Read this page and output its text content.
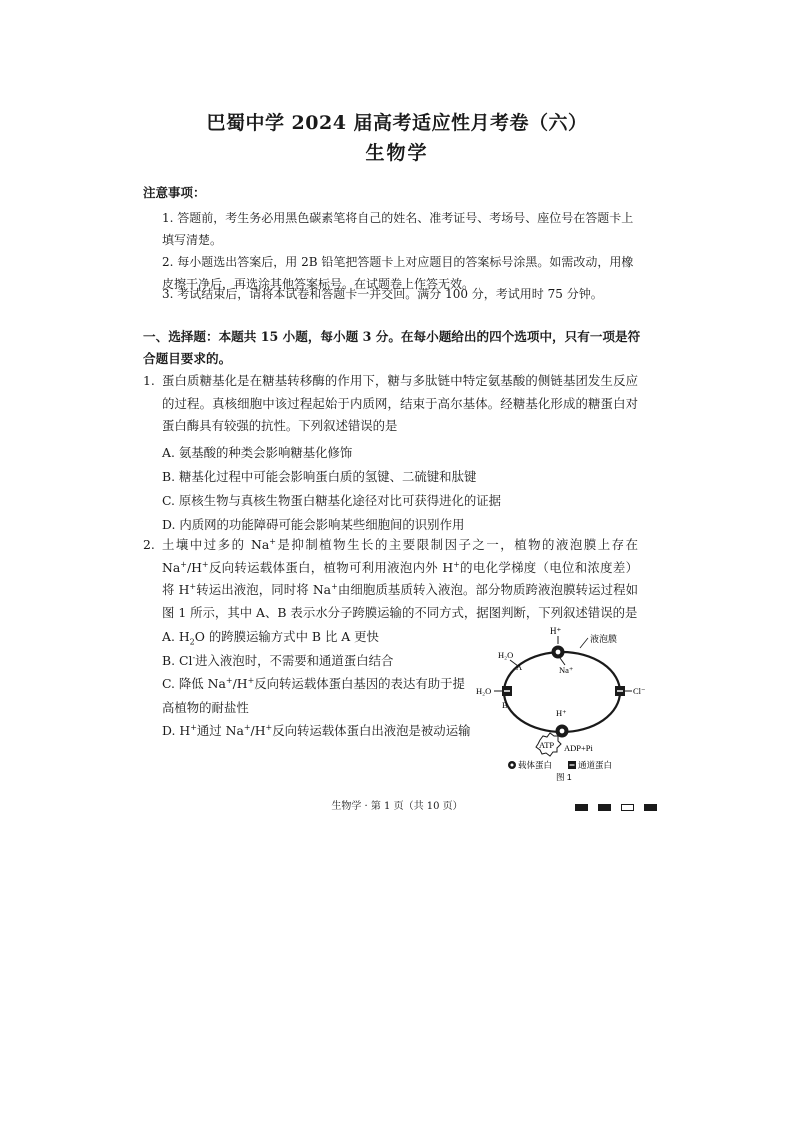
巴蜀中学 2024 届高考适应性月考卷（六）
生物学
注意事项：
1. 答题前，考生务必用黑色碳素笔将自己的姓名、准考证号、考场号、座位号在答题卡上填写清楚。
2. 每小题选出答案后，用 2B 铅笔把答题卡上对应题目的答案标号涂黑。如需改动，用橡皮擦干净后，再选涂其他答案标号。在试题卷上作答无效。
3. 考试结束后，请将本试卷和答题卡一并交回。满分 100 分，考试用时 75 分钟。
一、选择题：本题共 15 小题，每小题 3 分。在每小题给出的四个选项中，只有一项是符合题目要求的。
1. 蛋白质糖基化是在糖基转移酶的作用下，糖与多肽链中特定氨基酸的侧链基团发生反应的过程。真核细胞中该过程起始于内质网，结束于高尔基体。经糖基化形成的糖蛋白对蛋白酶具有较强的抗性。下列叙述错误的是
A. 氨基酸的种类会影响糖基化修饰
B. 糖基化过程中可能会影响蛋白质的氢键、二硫键和肽键
C. 原核生物与真核生物蛋白糖基化途径对比可获得进化的证据
D. 内质网的功能障碍可能会影响某些细胞间的识别作用
2. 土壤中过多的 Na+是抑制植物生长的主要限制因子之一，植物的液泡膜上存在 Na+/H+反向转运载体蛋白，植物可利用液泡内外 H+的电化学梯度（电位和浓度差）将 H+转运出液泡，同时将 Na+由细胞质基质转入液泡。部分物质跨液泡膜转运过程如图 1 所示，其中 A、B 表示水分子跨膜运输的不同方式，据图判断，下列叙述错误的是
A. $H_2O$ 的跨膜运输方式中 B 比 A 更快
B. Cl-进入液泡时，不需要和通道蛋白结合
C. 降低 Na+/H+反向转运载体蛋白基因的表达有助于提高植物的耐盐性
D. H+通过 Na+/H+反向转运载体蛋白出液泡是被动运输
H⁺
Na⁺
液泡膜
H₂O
A
H₂O
B
Cl⁻
H⁺
ATP ADP+Pi
载体蛋白	通道蛋白
图 1
生物学 · 第 1 页（共 10 页）
